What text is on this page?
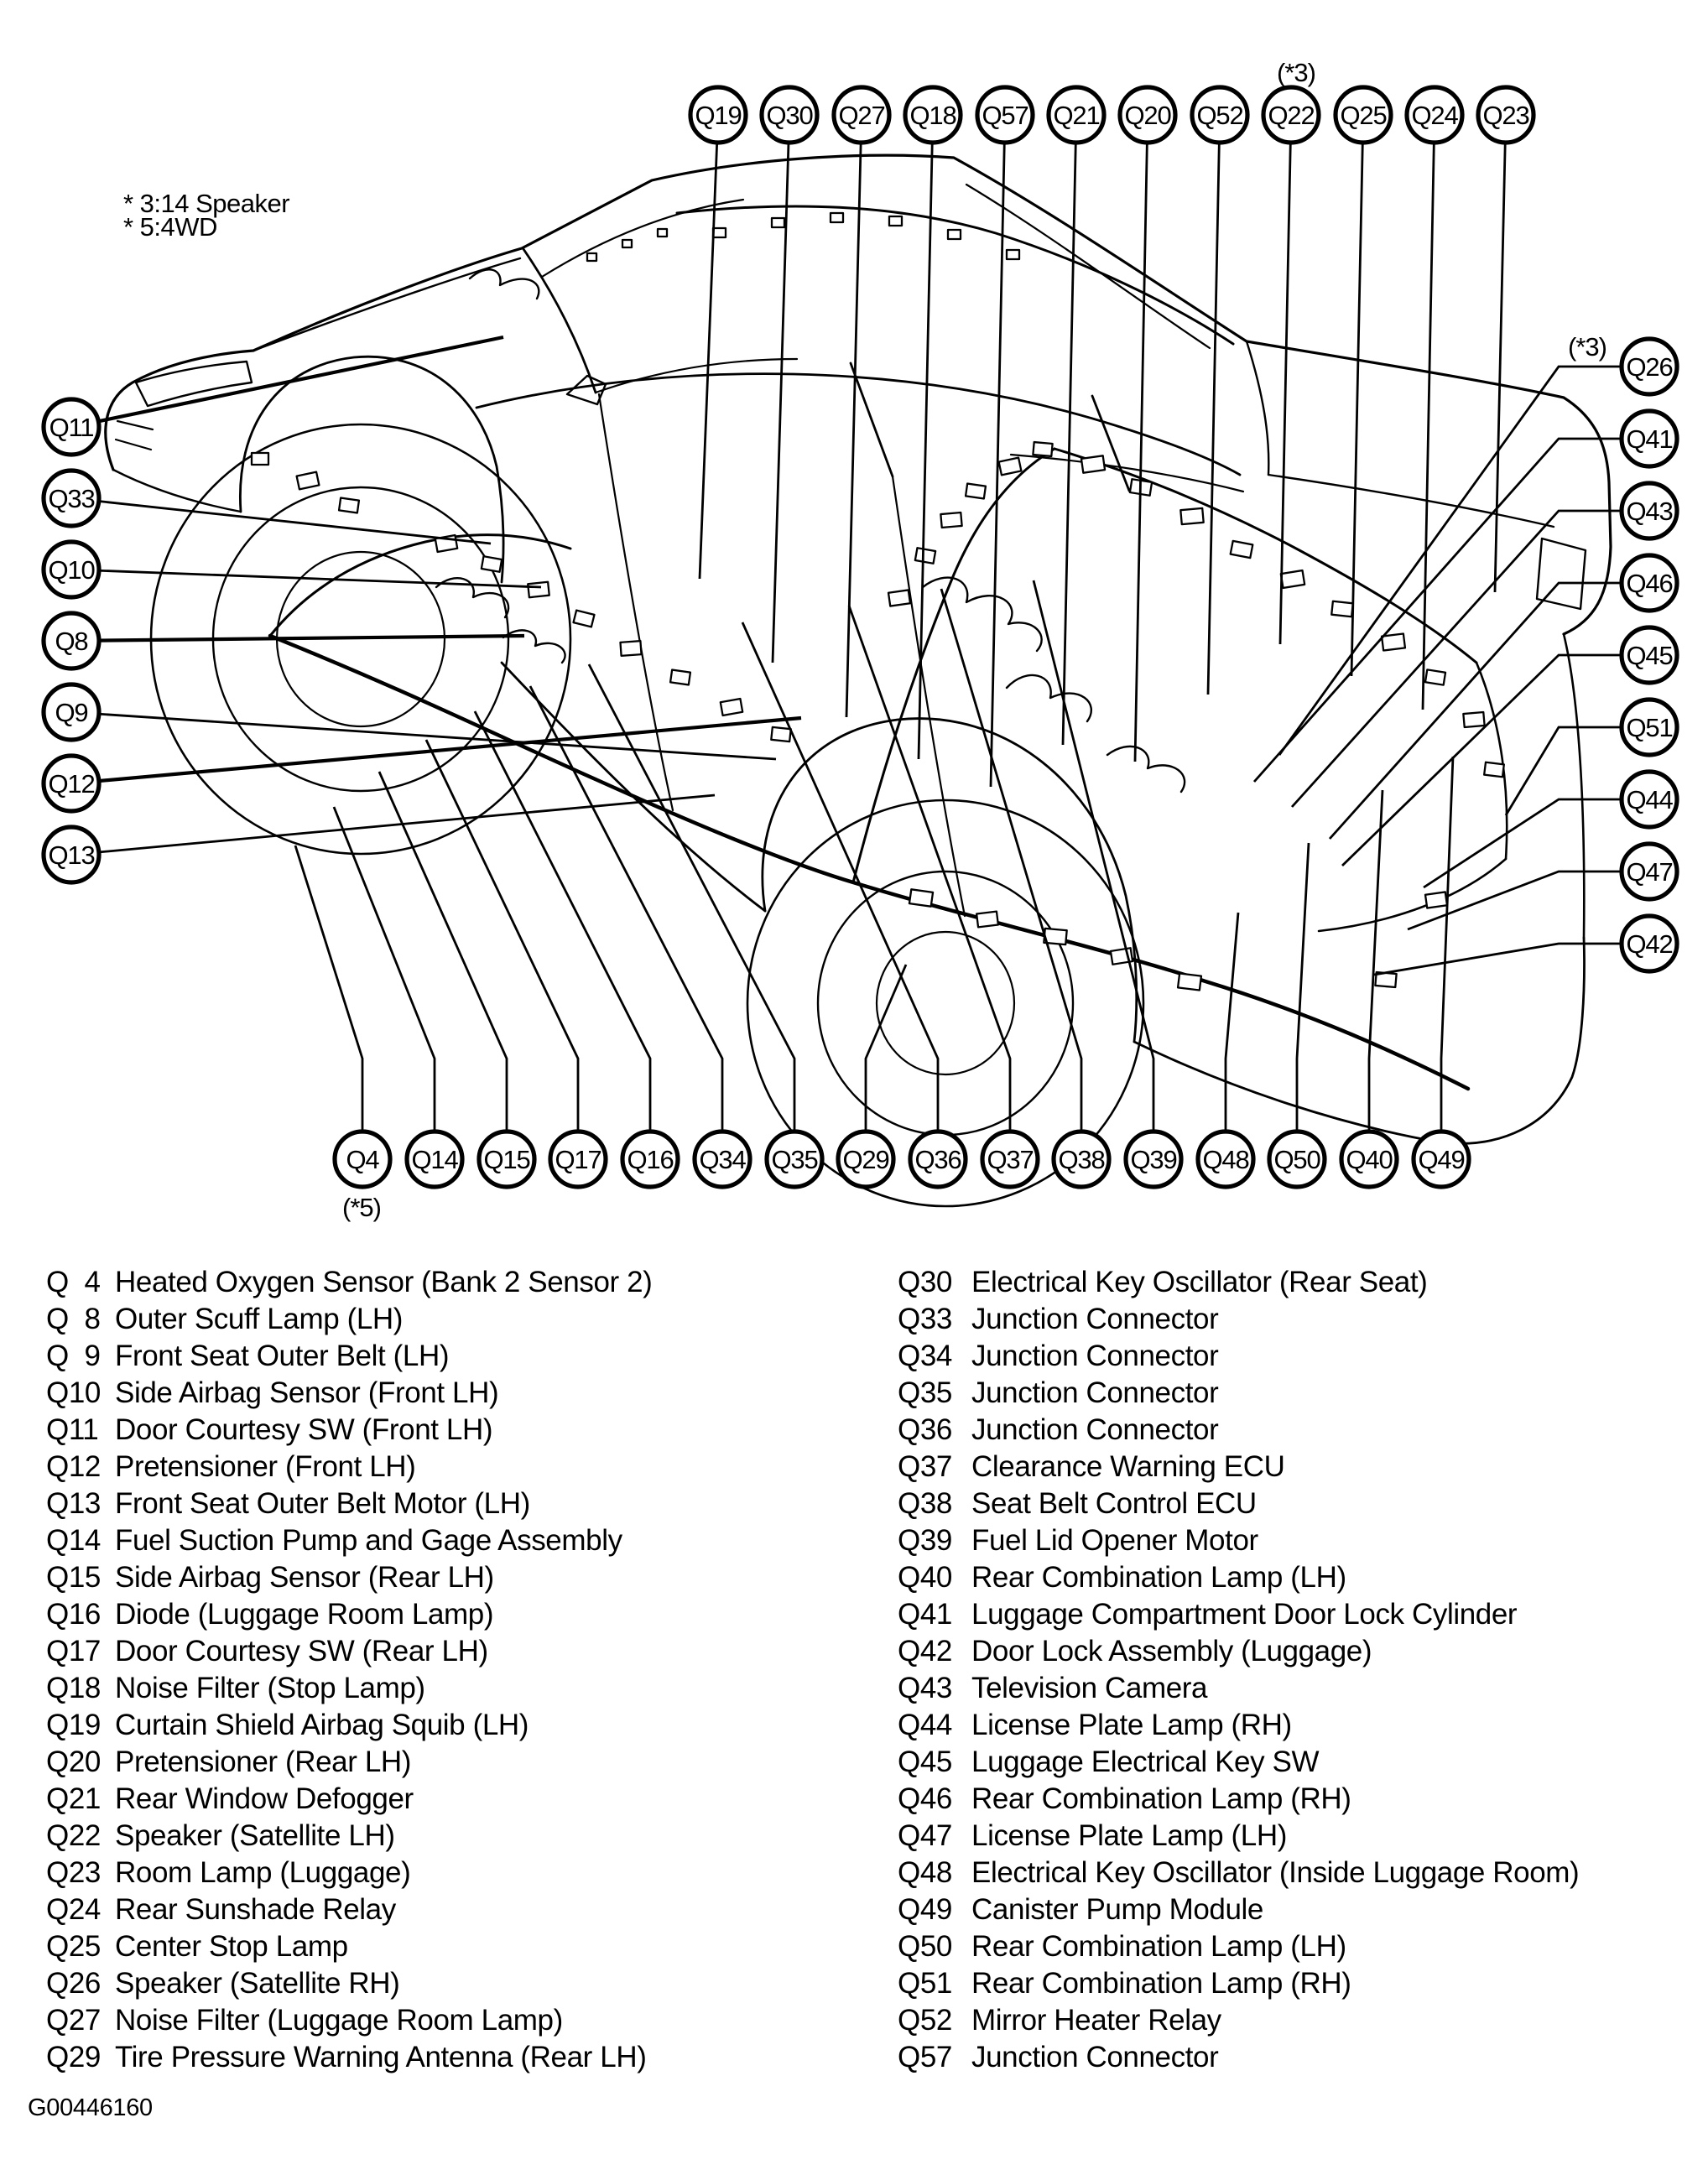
* 3:14 Speaker
* 5:4WD
Q19 Q30 Q27 Q18 Q57 Q21 Q20 Q52 Q22 Q25 Q24 Q23
Q11
Q33
Q10
Q8
Q9
Q12
Q13
Q26
Q41
Q43
Q46
Q45
Q51
Q44
Q47
Q42
Q4 Q14 Q15 Q17 Q16 Q34 Q35 Q29 Q36 Q37 Q38 Q39 Q48 Q50 Q40 Q49
(*3)
(*3)
(*5)
Q  4 Heated Oxygen Sensor (Bank 2 Sensor 2)
Q  8 Outer Scuff Lamp (LH)
Q  9 Front Seat Outer Belt (LH)
Q10 Side Airbag Sensor (Front LH)
Q11 Door Courtesy SW (Front LH)
Q12 Pretensioner (Front LH)
Q13 Front Seat Outer Belt Motor (LH)
Q14 Fuel Suction Pump and Gage Assembly
Q15 Side Airbag Sensor (Rear LH)
Q16 Diode (Luggage Room Lamp)
Q17 Door Courtesy SW (Rear LH)
Q18 Noise Filter (Stop Lamp)
Q19 Curtain Shield Airbag Squib (LH)
Q20 Pretensioner (Rear LH)
Q21 Rear Window Defogger
Q22 Speaker (Satellite LH)
Q23 Room Lamp (Luggage)
Q24 Rear Sunshade Relay
Q25 Center Stop Lamp
Q26 Speaker (Satellite RH)
Q27 Noise Filter (Luggage Room Lamp)
Q29 Tire Pressure Warning Antenna (Rear LH)
Q30 Electrical Key Oscillator (Rear Seat)
Q33 Junction Connector
Q34 Junction Connector
Q35 Junction Connector
Q36 Junction Connector
Q37 Clearance Warning ECU
Q38 Seat Belt Control ECU
Q39 Fuel Lid Opener Motor
Q40 Rear Combination Lamp (LH)
Q41 Luggage Compartment Door Lock Cylinder
Q42 Door Lock Assembly (Luggage)
Q43 Television Camera
Q44 License Plate Lamp (RH)
Q45 Luggage Electrical Key SW
Q46 Rear Combination Lamp (RH)
Q47 License Plate Lamp (LH)
Q48 Electrical Key Oscillator (Inside Luggage Room)
Q49 Canister Pump Module
Q50 Rear Combination Lamp (LH)
Q51 Rear Combination Lamp (RH)
Q52 Mirror Heater Relay
Q57 Junction Connector
G00446160
